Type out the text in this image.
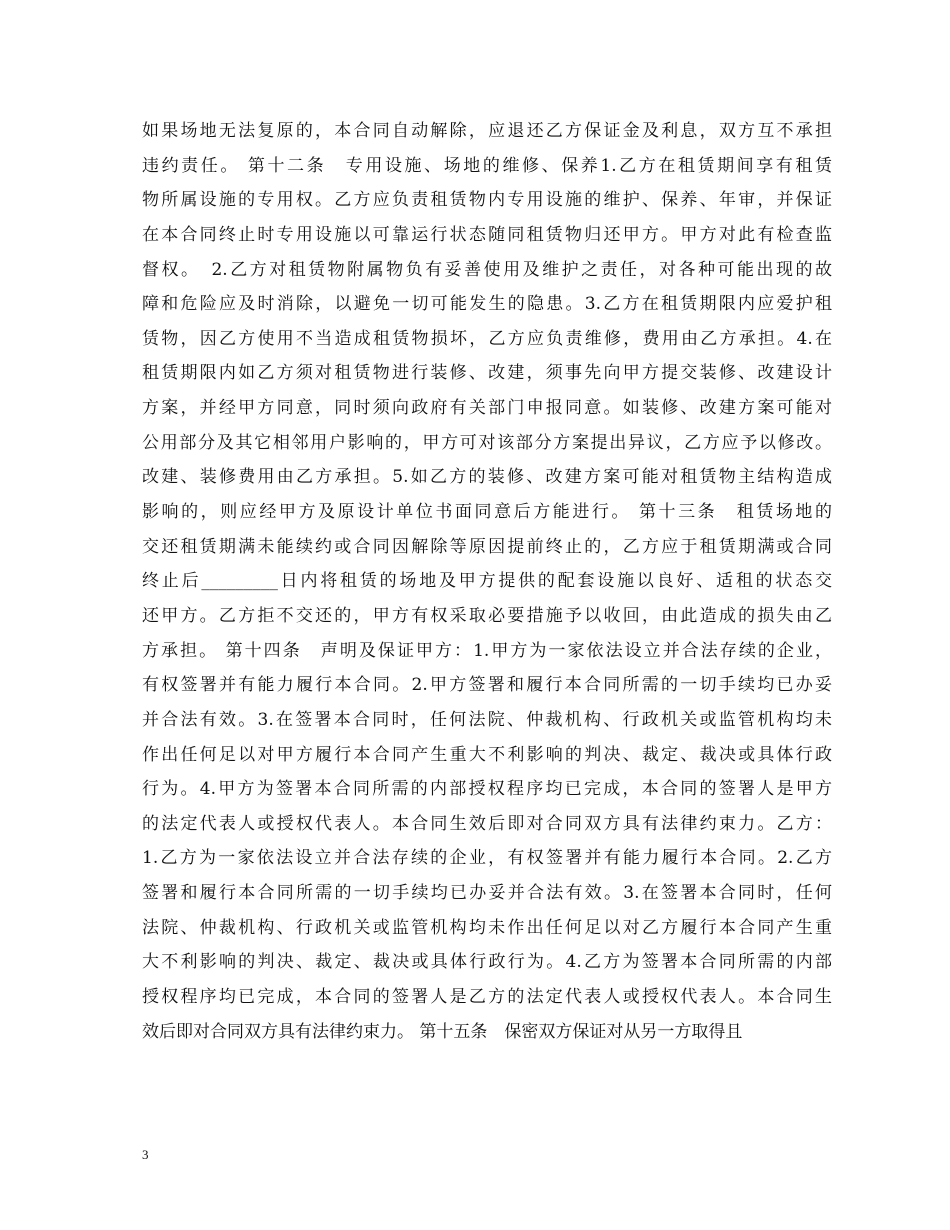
如果场地无法复原的，本合同自动解除，应退还乙方保证金及利息，双方互不承担
违约责任。 第十二条　专用设施、场地的维修、保养1.乙方在租赁期间享有租赁
物所属设施的专用权。乙方应负责租赁物内专用设施的维护、保养、年审，并保证
在本合同终止时专用设施以可靠运行状态随同租赁物归还甲方。甲方对此有检查监
督权。　2.乙方对租赁物附属物负有妥善使用及维护之责任，对各种可能出现的故
障和危险应及时消除，以避免一切可能发生的隐患。3.乙方在租赁期限内应爱护租
赁物，因乙方使用不当造成租赁物损坏，乙方应负责维修，费用由乙方承担。4.在
租赁期限内如乙方须对租赁物进行装修、改建，须事先向甲方提交装修、改建设计
方案，并经甲方同意，同时须向政府有关部门申报同意。如装修、改建方案可能对
公用部分及其它相邻用户影响的，甲方可对该部分方案提出异议，乙方应予以修改。
改建、装修费用由乙方承担。5.如乙方的装修、改建方案可能对租赁物主结构造成
影响的，则应经甲方及原设计单位书面同意后方能进行。 第十三条　租赁场地的
交还租赁期满未能续约或合同因解除等原因提前终止的，乙方应于租赁期满或合同
终止后_________日内将租赁的场地及甲方提供的配套设施以良好、适租的状态交
还甲方。乙方拒不交还的，甲方有权采取必要措施予以收回，由此造成的损失由乙
方承担。 第十四条　声明及保证甲方：1.甲方为一家依法设立并合法存续的企业，
有权签署并有能力履行本合同。2.甲方签署和履行本合同所需的一切手续均已办妥
并合法有效。3.在签署本合同时，任何法院、仲裁机构、行政机关或监管机构均未
作出任何足以对甲方履行本合同产生重大不利影响的判决、裁定、裁决或具体行政
行为。4.甲方为签署本合同所需的内部授权程序均已完成，本合同的签署人是甲方
的法定代表人或授权代表人。本合同生效后即对合同双方具有法律约束力。乙方：
1.乙方为一家依法设立并合法存续的企业，有权签署并有能力履行本合同。2.乙方
签署和履行本合同所需的一切手续均已办妥并合法有效。3.在签署本合同时，任何
法院、仲裁机构、行政机关或监管机构均未作出任何足以对乙方履行本合同产生重
大不利影响的判决、裁定、裁决或具体行政行为。4.乙方为签署本合同所需的内部
授权程序均已完成，本合同的签署人是乙方的法定代表人或授权代表人。本合同生
效后即对合同双方具有法律约束力。 第十五条　保密双方保证对从另一方取得且
3
